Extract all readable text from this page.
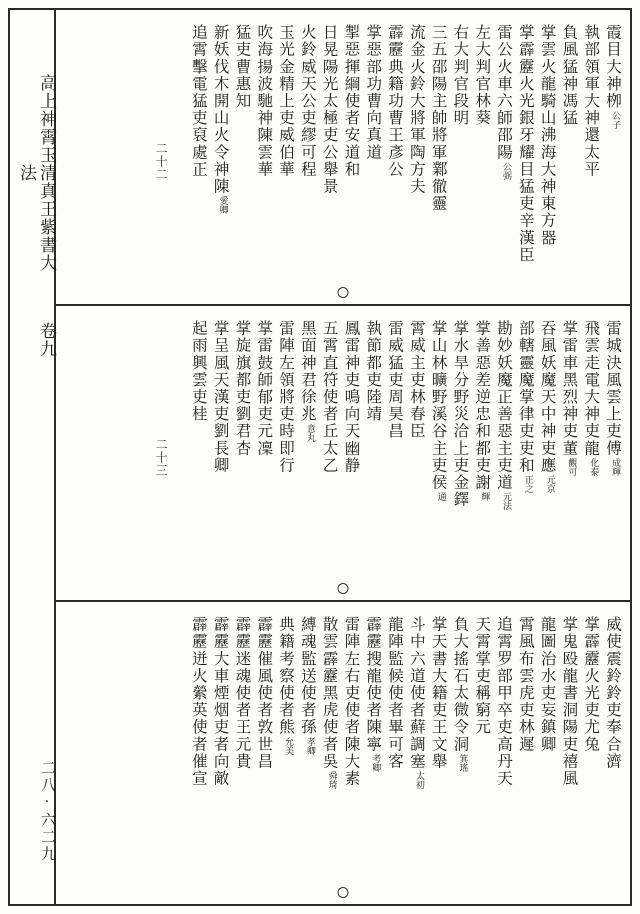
高上神霄玉清真王紫書大法
卷九
二八·六二九
霞目大神栁
公子
執部領軍大神還太平
負風猛神馮猛
掌雲火龍騎山沸海大神東方器
掌霹靂火光銀牙耀目猛吏辛漢臣
雷公火車六師邵陽
公弼
左大判官林葵
右大判官段明
三五邵陽主帥將軍鄴徹靈
流金火鈴大將軍陶方夫
霹靂典籍功曹王彥公
掌惡部功曹向真道
掣惡揮綱使者安道和
日晃陽光太極吏公舉景
火鈴威天公吏繆可程
玉光金精上吏威伯華
吹海揚波馳神陳雲華
猛吏曹惠知
新妖伐木開山火令神陳
愛卿
追霄擊電猛吏裒處正
二十二
雷城決風雲上吏傅
成輝
飛雲走電大神吏龍
化泰
掌雷車黑烈神吏董
觀可
吞風妖魔天中神吏應
元京
部轄靈魔掌律吏吏和
正之
勘妙妖魔正善惡主吏道
元法
掌善惡差逆忠和都吏謝
輝
掌水旱分野災洽上吏金鐸
掌山林曠野溪谷主吏侯
通
霄威主吏林春臣
雷威猛吏周昊昌
執節都吏陸靖
鳳雷神吏鳴向天幽静
五霄直符使者丘太乙
黑面神君徐兆
意丸
雷陣左領將吏時即行
掌雷鼓師郁吏元凜
掌旋旗都吏劉君杏
掌呈風天漢吏劉長卿
起雨興雲吏桂
二十三
威使震鈴鈴吏奉合濟
掌霹靂火光吏尤兔
掌鬼殴龍書洞陽吏禧風
龍圖治水吏妄鎮卿
霄風布雲虎吏林遲
追霄罗部甲卒吏高丹天
天霄掌吏稱窮元
負大搖石太微令洞
箕瑤
掌天書大籍吏王文舉
斗中六道使者蘚調塞
太初
龍陣監候使者畢可客
霹靂搜龍使者陳寧
考卿
雷陣左右吏使者陳大素
散雲霹靂黑虎使者吳
舜琦
縛魂監送使者孫
孝卿
典籍考察使者熊
允美
霹靂催風使者敦世昌
霹靂迷魂使者王元貴
霹靂大車煙烟吏者向敵
霹靂迸火縈英使者催宣
